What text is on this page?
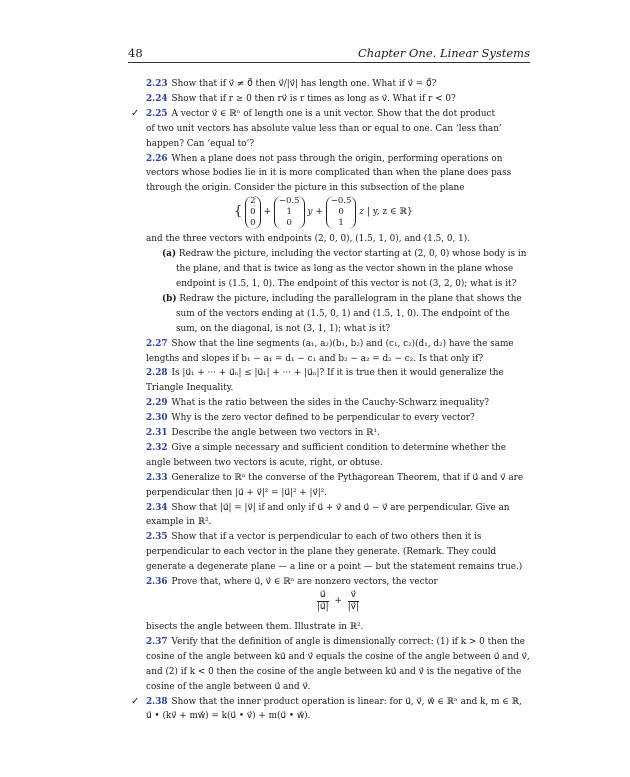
48	Chapter One. Linear Systems

2.23 Show that if v⃗ ≠ 0⃗ then v⃗/|v⃗| has length one. What if v⃗ = 0⃗?

2.24 Show that if r ≥ 0 then rv⃗ is r times as long as v⃗. What if r < 0?

✓ 2.25 A vector v⃗ ∈ ℝⁿ of length one is a unit vector. Show that the dot product
of two unit vectors has absolute value less than or equal to one. Can ‘less than’
happen? Can ‘equal to’?

2.26 When a plane does not pass through the origin, performing operations on
vectors whose bodies lie in it is more complicated than when the plane does pass
through the origin. Consider the picture in this subsection of the plane

{ 2
0
0 + −0.5
1
0 y + −0.5
0
1 z | y, z ∈ ℝ}

and the three vectors with endpoints (2, 0, 0), (1.5, 1, 0), and (1.5, 0, 1).

(a) Redraw the picture, including the vector starting at (2, 0, 0) whose body is in the plane, and that is twice as long as the vector shown in the plane whose endpoint is (1.5, 1, 0). The endpoint of this vector is not (3, 2, 0); what is it?

(b) Redraw the picture, including the parallelogram in the plane that shows the sum of the vectors ending at (1.5, 0, 1) and (1.5, 1, 0). The endpoint of the sum, on the diagonal, is not (3, 1, 1); what is it?

2.27 Show that the line segments (a₁, a₂)(b₁, b₂) and (c₁, c₂)(d₁, d₂) have the same lengths and slopes if b₁ − a₁ = d₁ − c₁ and b₂ − a₂ = d₂ − c₂. Is that only if?

2.28 Is |u⃗₁ + ··· + u⃗ₙ| ≤ |u⃗₁| + ··· + |u⃗ₙ|? If it is true then it would generalize the Triangle Inequality.

2.29 What is the ratio between the sides in the Cauchy-Schwarz inequality?

2.30 Why is the zero vector defined to be perpendicular to every vector?

2.31 Describe the angle between two vectors in ℝ¹.

2.32 Give a simple necessary and sufficient condition to determine whether the angle between two vectors is acute, right, or obtuse.

2.33 Generalize to ℝⁿ the converse of the Pythagorean Theorem, that if u⃗ and v⃗ are perpendicular then |u⃗ + v⃗|² = |u⃗|² + |v⃗|².

2.34 Show that |u⃗| = |v⃗| if and only if u⃗ + v⃗ and u⃗ − v⃗ are perpendicular. Give an example in ℝ².

2.35 Show that if a vector is perpendicular to each of two others then it is perpendicular to each vector in the plane they generate. (Remark. They could generate a degenerate plane — a line or a point — but the statement remains true.)

2.36 Prove that, where u⃗, v⃗ ∈ ℝⁿ are nonzero vectors, the vector

$\frac{u⃗}{|u⃗|} + \frac{v⃗}{|v⃗|}$

bisects the angle between them. Illustrate in ℝ².

2.37 Verify that the definition of angle is dimensionally correct: (1) if k > 0 then the cosine of the angle between ku⃗ and v⃗ equals the cosine of the angle between u⃗ and v⃗, and (2) if k < 0 then the cosine of the angle between ku⃗ and v⃗ is the negative of the cosine of the angle between u⃗ and v⃗.

✓ 2.38 Show that the inner product operation is linear: for u⃗, v⃗, w⃗ ∈ ℝⁿ and k, m ∈ ℝ, u⃗ • (kv⃗ + mw⃗) = k(u⃗ • v⃗) + m(u⃗ • w⃗).
